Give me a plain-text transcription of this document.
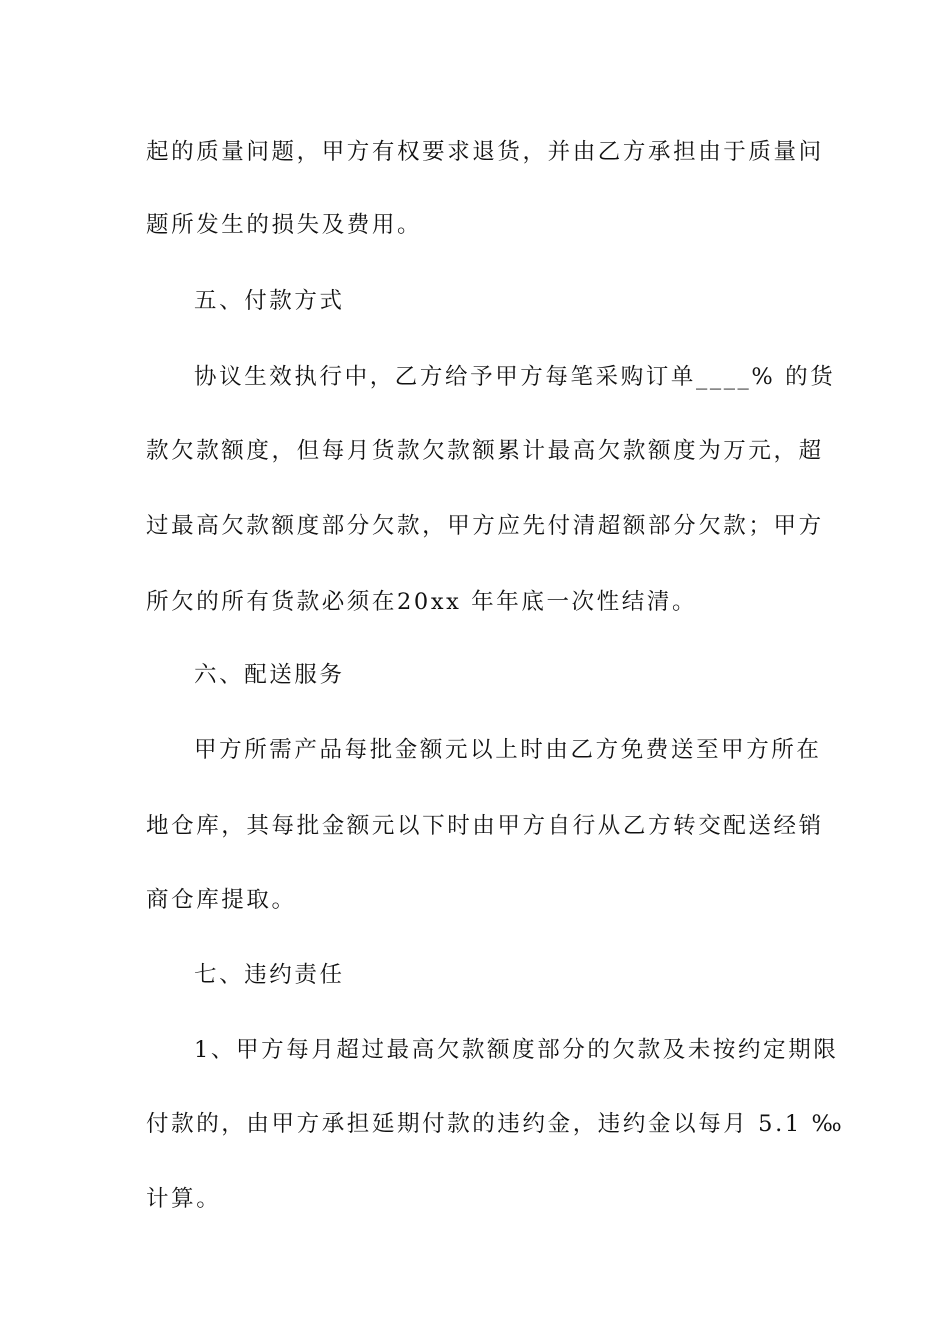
起的质量问题，甲方有权要求退货，并由乙方承担由于质量问
题所发生的损失及费用。
五、付款方式
协议生效执行中，乙方给予甲方每笔采购订单____% 的货
款欠款额度，但每月货款欠款额累计最高欠款额度为万元，超
过最高欠款额度部分欠款，甲方应先付清超额部分欠款；甲方
所欠的所有货款必须在20xx 年年底一次性结清。
六、配送服务
甲方所需产品每批金额元以上时由乙方免费送至甲方所在
地仓库，其每批金额元以下时由甲方自行从乙方转交配送经销
商仓库提取。
七、违约责任
1、甲方每月超过最高欠款额度部分的欠款及未按约定期限
付款的，由甲方承担延期付款的违约金，违约金以每月 5.1 ‰
计算。
